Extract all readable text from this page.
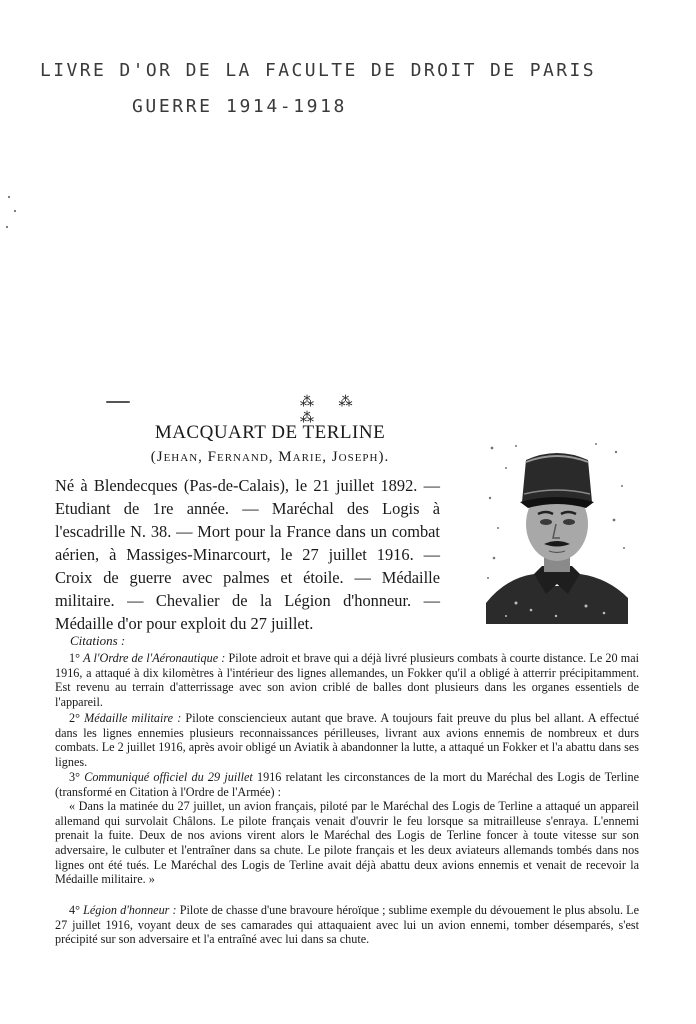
LIVRE D'OR DE LA FACULTE DE DROIT DE PARIS
GUERRE 1914-1918
⁂ ⁂ ⁂
MACQUART DE TERLINE
(Jehan, Fernand, Marie, Joseph).
Né à Blendecques (Pas-de-Calais), le 21 juillet 1892. — Etudiant de 1re année. — Maréchal des Logis à l'escadrille N. 38. — Mort pour la France dans un combat aérien, à Massiges-Minarcourt, le 27 juillet 1916. — Croix de guerre avec palmes et étoile. — Médaille militaire. — Chevalier de la Légion d'honneur. — Médaille d'or pour exploit du 27 juillet.
Citations :
1° A l'Ordre de l'Aéronautique : Pilote adroit et brave qui a déjà livré plusieurs combats à courte distance. Le 20 mai 1916, a attaqué à dix kilomètres à l'intérieur des lignes allemandes, un Fokker qu'il a obligé à atterrir précipitamment. Est revenu au terrain d'atterrissage avec son avion criblé de balles dont plusieurs dans les organes essentiels de l'appareil.
2° Médaille militaire : Pilote consciencieux autant que brave. A toujours fait preuve du plus bel allant. A effectué dans les lignes ennemies plusieurs reconnaissances périlleuses, livrant aux avions ennemis de nombreux et durs combats. Le 2 juillet 1916, après avoir obligé un Aviatik à abandonner la lutte, a attaqué un Fokker et l'a abattu dans ses lignes.
3° Communiqué officiel du 29 juillet 1916 relatant les circonstances de la mort du Maréchal des Logis de Terline (transformé en Citation à l'Ordre de l'Armée) :
« Dans la matinée du 27 juillet, un avion français, piloté par le Maréchal des Logis de Terline a attaqué un appareil allemand qui survolait Châlons. Le pilote français venait d'ouvrir le feu lorsque sa mitrailleuse s'enraya. L'ennemi prenait la fuite. Deux de nos avions virent alors le Maréchal des Logis de Terline foncer à toute vitesse sur son adversaire, le culbuter et l'entraîner dans sa chute. Le pilote français et les deux aviateurs allemands tombés dans nos lignes ont été tués. Le Maréchal des Logis de Terline avait déjà abattu deux avions ennemis et venait de recevoir la Médaille militaire. »
4° Légion d'honneur : Pilote de chasse d'une bravoure héroïque ; sublime exemple du dévouement le plus absolu. Le 27 juillet 1916, voyant deux de ses camarades qui attaquaient avec lui un avion ennemi, tomber désemparés, s'est précipité sur son adversaire et l'a entraîné avec lui dans sa chute.
